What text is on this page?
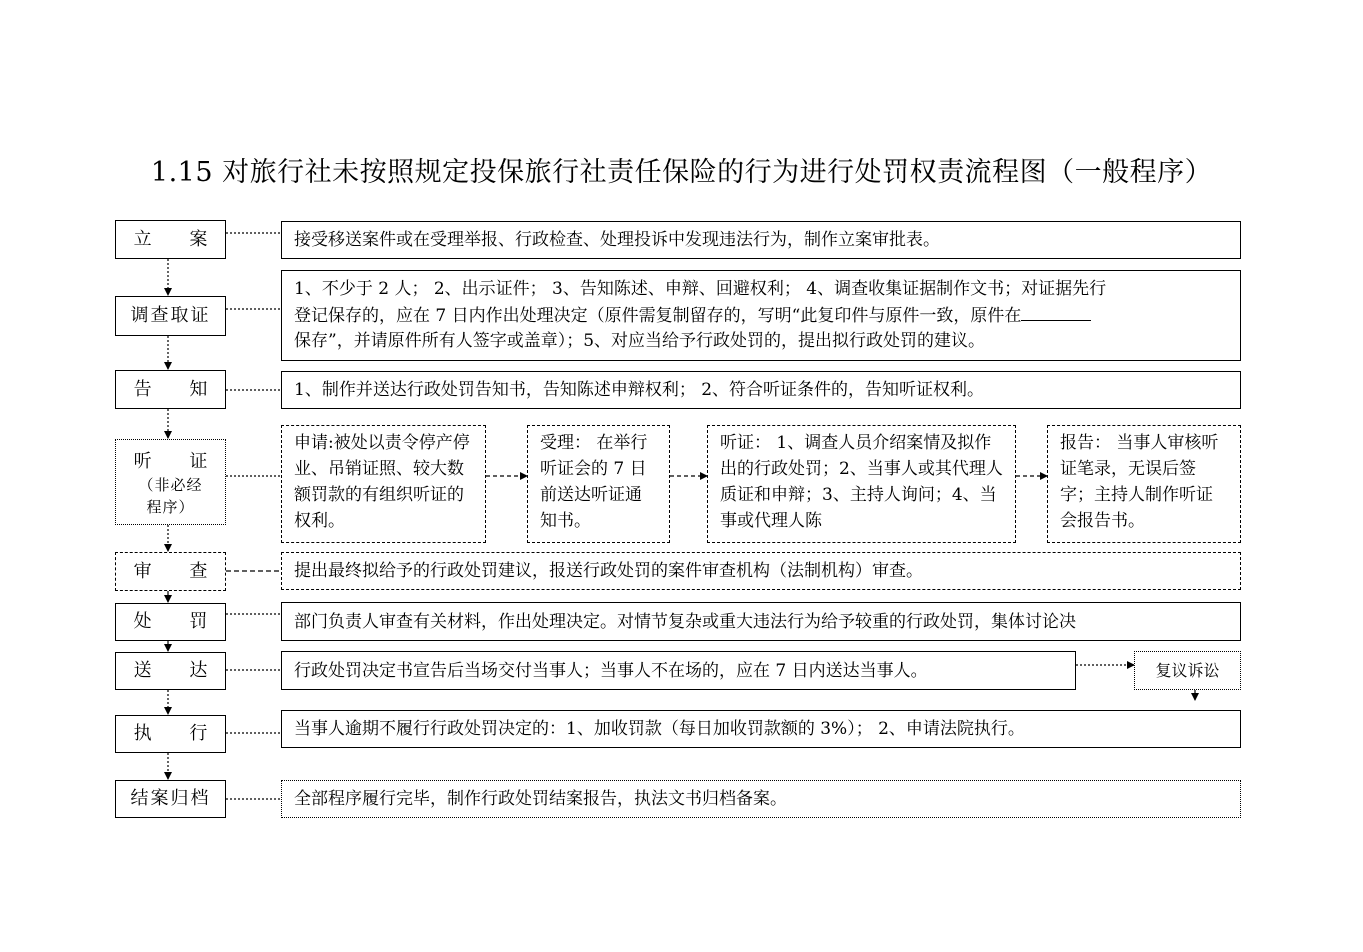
1.15 对旅行社未按照规定投保旅行社责任保险的行为进行处罚权责流程图（一般程序）
立 案
调查取证
告 知
听 证
（非必经
程序）
审 查
处 罚
送 达
执 行
结案归档
接受移送案件或在受理举报、行政检查、处理投诉中发现违法行为，制作立案审批表。
1、不少于 2 人； 2、出示证件； 3、告知陈述、申辩、回避权利； 4、调查收集证据制作文书；对证据先行
登记保存的，应在 7 日内作出处理决定（原件需复制留存的，写明“此复印件与原件一致，原件在
保存”，并请原件所有人签字或盖章）；5、对应当给予行政处罚的，提出拟行政处罚的建议。
1、制作并送达行政处罚告知书，告知陈述申辩权利； 2、符合听证条件的，告知听证权利。
申请:被处以责令停产停业、吊销证照、较大数额罚款的有组织听证的权利。
受理： 在举行听证会的 7 日前送达听证通知书。
听证： 1、调查人员介绍案情及拟作出的行政处罚；2、当事人或其代理人质证和申辩；3、主持人询问；4、当事或代理人陈
报告： 当事人审核听证笔录，无误后签字；主持人制作听证会报告书。
提出最终拟给予的行政处罚建议，报送行政处罚的案件审查机构（法制机构）审查。
部门负责人审查有关材料，作出处理决定。对情节复杂或重大违法行为给予较重的行政处罚，集体讨论决
行政处罚决定书宣告后当场交付当事人；当事人不在场的，应在 7 日内送达当事人。	复议诉讼
当事人逾期不履行行政处罚决定的：1、加收罚款（每日加收罚款额的 3%）； 2、申请法院执行。
全部程序履行完毕，制作行政处罚结案报告，执法文书归档备案。
